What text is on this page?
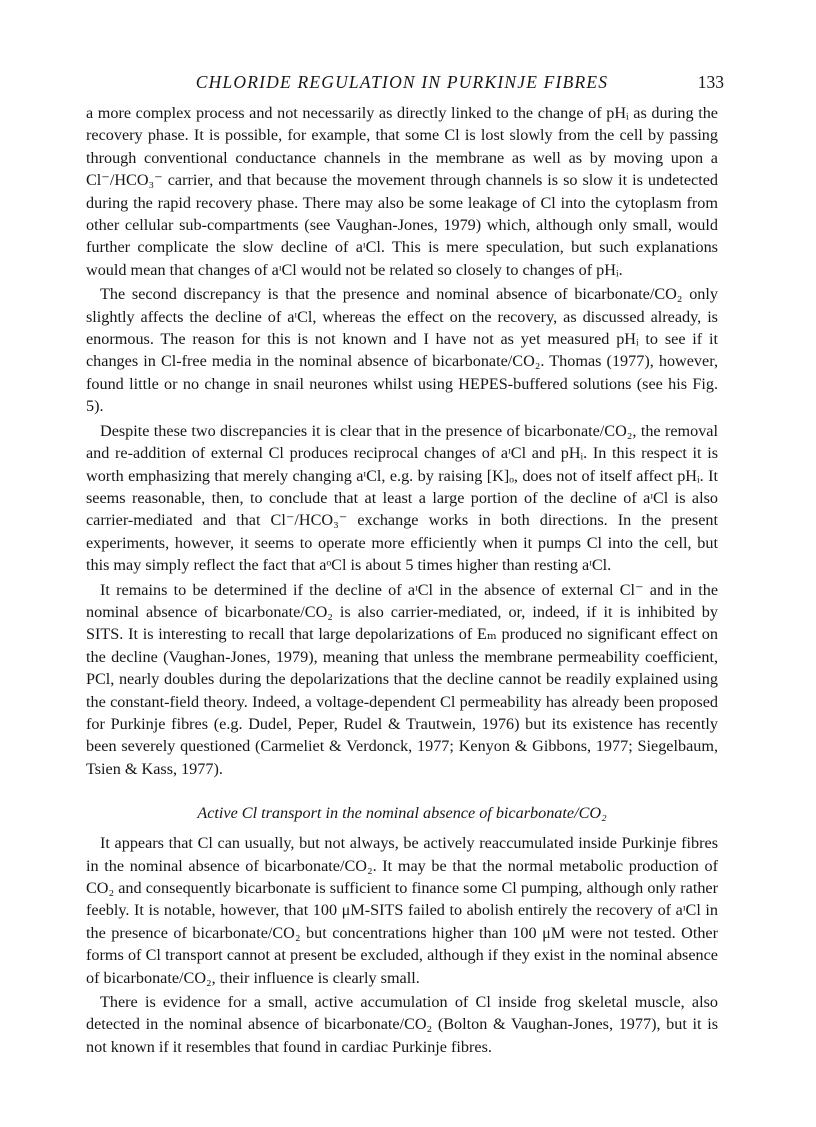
CHLORIDE REGULATION IN PURKINJE FIBRES	133

a more complex process and not necessarily as directly linked to the change of pHᵢ as during the recovery phase. It is possible, for example, that some Cl is lost slowly from the cell by passing through conventional conductance channels in the membrane as well as by moving upon a Cl⁻/HCO₃⁻ carrier, and that because the movement through channels is so slow it is undetected during the rapid recovery phase. There may also be some leakage of Cl into the cytoplasm from other cellular sub-compartments (see Vaughan-Jones, 1979) which, although only small, would further complicate the slow decline of aᶦCl. This is mere speculation, but such explanations would mean that changes of aᶦCl would not be related so closely to changes of pHᵢ.

The second discrepancy is that the presence and nominal absence of bicarbonate/CO₂ only slightly affects the decline of aᶦCl, whereas the effect on the recovery, as discussed already, is enormous. The reason for this is not known and I have not as yet measured pHᵢ to see if it changes in Cl-free media in the nominal absence of bicarbonate/CO₂. Thomas (1977), however, found little or no change in snail neurones whilst using HEPES-buffered solutions (see his Fig. 5).

Despite these two discrepancies it is clear that in the presence of bicarbonate/CO₂, the removal and re-addition of external Cl produces reciprocal changes of aᶦCl and pHᵢ. In this respect it is worth emphasizing that merely changing aᶦCl, e.g. by raising [K]ₒ, does not of itself affect pHᵢ. It seems reasonable, then, to conclude that at least a large portion of the decline of aᶦCl is also carrier-mediated and that Cl⁻/HCO₃⁻ exchange works in both directions. In the present experiments, however, it seems to operate more efficiently when it pumps Cl into the cell, but this may simply reflect the fact that aᵒCl is about 5 times higher than resting aᶦCl.

It remains to be determined if the decline of aᶦCl in the absence of external Cl⁻ and in the nominal absence of bicarbonate/CO₂ is also carrier-mediated, or, indeed, if it is inhibited by SITS. It is interesting to recall that large depolarizations of Eₘ produced no significant effect on the decline (Vaughan-Jones, 1979), meaning that unless the membrane permeability coefficient, PCl, nearly doubles during the depolarizations that the decline cannot be readily explained using the constant-field theory. Indeed, a voltage-dependent Cl permeability has already been proposed for Purkinje fibres (e.g. Dudel, Peper, Rudel & Trautwein, 1976) but its existence has recently been severely questioned (Carmeliet & Verdonck, 1977; Kenyon & Gibbons, 1977; Siegelbaum, Tsien & Kass, 1977).

Active Cl transport in the nominal absence of bicarbonate/CO₂

It appears that Cl can usually, but not always, be actively reaccumulated inside Purkinje fibres in the nominal absence of bicarbonate/CO₂. It may be that the normal metabolic production of CO₂ and consequently bicarbonate is sufficient to finance some Cl pumping, although only rather feebly. It is notable, however, that 100 μM-SITS failed to abolish entirely the recovery of aᶦCl in the presence of bicarbonate/CO₂ but concentrations higher than 100 μM were not tested. Other forms of Cl transport cannot at present be excluded, although if they exist in the nominal absence of bicarbonate/CO₂, their influence is clearly small.

There is evidence for a small, active accumulation of Cl inside frog skeletal muscle, also detected in the nominal absence of bicarbonate/CO₂ (Bolton & Vaughan-Jones, 1977), but it is not known if it resembles that found in cardiac Purkinje fibres.
